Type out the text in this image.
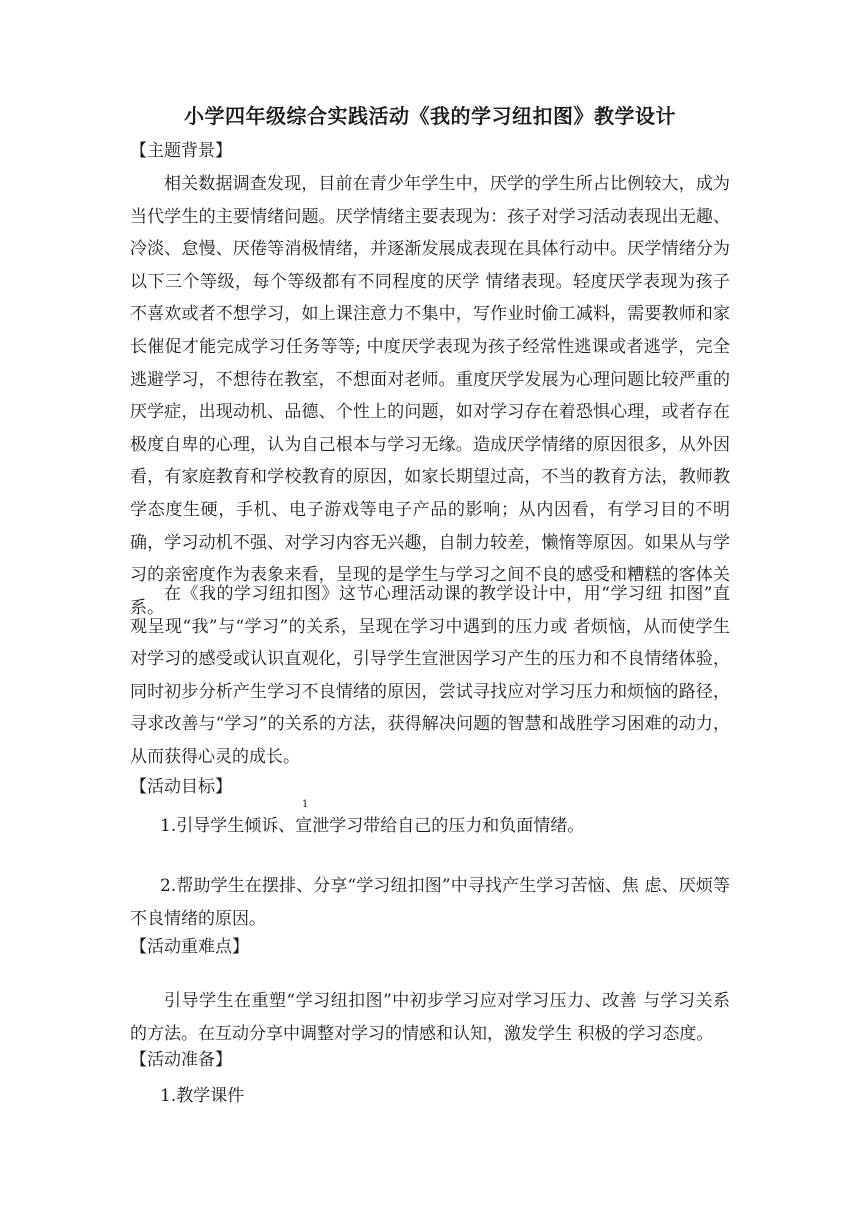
小学四年级综合实践活动《我的学习纽扣图》教学设计
【主题背景】
相关数据调查发现，目前在青少年学生中，厌学的学生所占比例较大，成为当代学生的主要情绪问题。厌学情绪主要表现为：孩子对学习活动表现出无趣、冷淡、怠慢、厌倦等消极情绪，并逐渐发展成表现在具体行动中。厌学情绪分为以下三个等级，每个等级都有不同程度的厌学 情绪表现。轻度厌学表现为孩子不喜欢或者不想学习，如上课注意力不集中，写作业时偷工减料，需要教师和家长催促才能完成学习任务等等; 中度厌学表现为孩子经常性逃课或者逃学，完全逃避学习，不想待在教室，不想面对老师。重度厌学发展为心理问题比较严重的厌学症，出现动机、品德、个性上的问题，如对学习存在着恐惧心理，或者存在极度自卑的心理，认为自己根本与学习无缘。造成厌学情绪的原因很多，从外因看，有家庭教育和学校教育的原因，如家长期望过高，不当的教育方法，教师教学态度生硬，手机、电子游戏等电子产品的影响；从内因看，有学习目的不明确，学习动机不强、对学习内容无兴趣，自制力较差，懒惰等原因。如果从与学习的亲密度作为表象来看，呈现的是学生与学习之间不良的感受和糟糕的客体关系。
在《我的学习纽扣图》这节心理活动课的教学设计中，用“学习纽 扣图”直观呈现“我”与“学习”的关系，呈现在学习中遇到的压力或 者烦恼，从而使学生对学习的感受或认识直观化，引导学生宣泄因学习产生的压力和不良情绪体验，同时初步分析产生学习不良情绪的原因，尝试寻找应对学习压力和烦恼的路径，寻求改善与“学习”的关系的方法，获得解决问题的智慧和战胜学习困难的动力，从而获得心灵的成长。
【活动目标】
1
1.引导学生倾诉、宣泄学习带给自己的压力和负面情绪。
2.帮助学生在摆排、分享“学习纽扣图”中寻找产生学习苦恼、焦 虑、厌烦等不良情绪的原因。
【活动重难点】
引导学生在重塑“学习纽扣图”中初步学习应对学习压力、改善 与学习关系的方法。在互动分享中调整对学习的情感和认知，激发学生 积极的学习态度。
【活动准备】
1.教学课件
